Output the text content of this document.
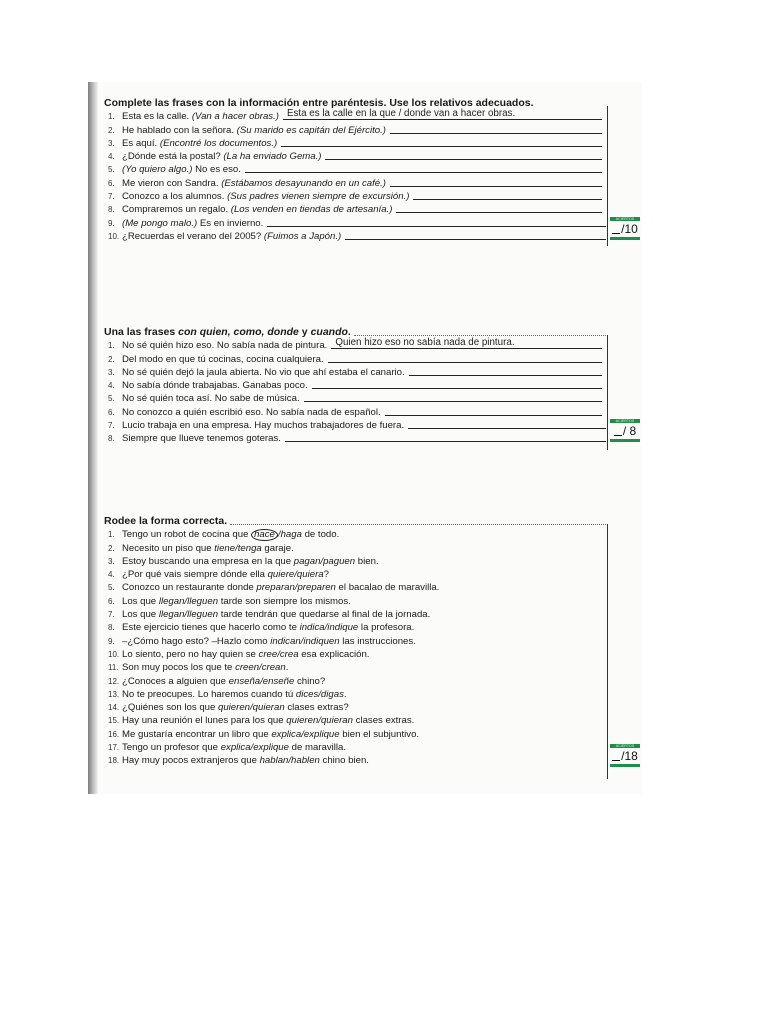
Complete las frases con la información entre paréntesis. Use los relativos adecuados.
1. Esta es la calle. (Van a hacer obras.) Esta es la calle en la que / donde van a hacer obras.
2. He hablado con la señora. (Su marido es capitán del Ejército.)
3. Es aquí. (Encontré los documentos.)
4. ¿Dónde está la postal? (La ha enviado Gema.)
5. (Yo quiero algo.) No es eso.
6. Me vieron con Sandra. (Estábamos desayunando en un café.)
7. Conozco a los alumnos. (Sus padres vienen siempre de excursión.)
8. Compraremos un regalo. (Los venden en tiendas de artesanía.)
9. (Me pongo malo.) Es en invierno.
10. ¿Recuerdas el verano del 2005? (Fuimos a Japón.)
ACIERTOS
/10
Una las frases con quien, como, donde y cuando.
1. No sé quién hizo eso. No sabía nada de pintura. Quien hizo eso no sabía nada de pintura.
2. Del modo en que tú cocinas, cocina cualquiera.
3. No sé quién dejó la jaula abierta. No vio que ahí estaba el canario.
4. No sabía dónde trabajabas. Ganabas poco.
5. No sé quién toca así. No sabe de música.
6. No conozco a quién escribió eso. No sabía nada de español.
7. Lucio trabaja en una empresa. Hay muchos trabajadores de fuera.
8. Siempre que llueve tenemos goteras.
ACIERTOS
/ 8
Rodee la forma correcta.
1. Tengo un robot de cocina que hace /haga de todo.
2. Necesito un piso que tiene/tenga garaje.
3. Estoy buscando una empresa en la que pagan/paguen bien.
4. ¿Por qué vais siempre dónde ella quiere/quiera?
5. Conozco un restaurante donde preparan/preparen el bacalao de maravilla.
6. Los que llegan/lleguen tarde son siempre los mismos.
7. Los que llegan/lleguen tarde tendrán que quedarse al final de la jornada.
8. Este ejercicio tienes que hacerlo como te indica/indique la profesora.
9. –¿Cómo hago esto? –Hazlo como indican/indiquen las instrucciones.
10. Lo siento, pero no hay quien se cree/crea esa explicación.
11. Son muy pocos los que te creen/crean.
12. ¿Conoces a alguien que enseña/enseñe chino?
13. No te preocupes. Lo haremos cuando tú dices/digas.
14. ¿Quiénes son los que quieren/quieran clases extras?
15. Hay una reunión el lunes para los que quieren/quieran clases extras.
16. Me gustaría encontrar un libro que explica/explique bien el subjuntivo.
17. Tengo un profesor que explica/explique de maravilla.
18. Hay muy pocos extranjeros que hablan/hablen chino bien.
ACIERTOS
/18
